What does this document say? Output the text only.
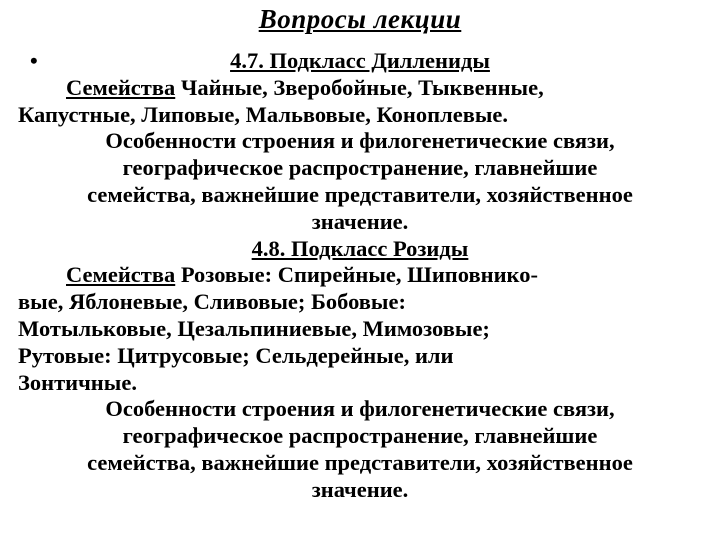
Вопросы лекции
•	4.7. Подкласс Диллениды
Семейства Чайные, Зверобойные, Тыквенные,
Капустные, Липовые, Мальвовые, Коноплевые.
Особенности строения и филогенетические связи,
географическое распространение, главнейшие
семейства, важнейшие представители, хозяйственное
значение.
4.8. Подкласс Розиды
Семейства Розовые: Спирейные, Шиповнико-
вые, Яблоневые, Сливовые; Бобовые:
Мотыльковые, Цезальпиниевые, Мимозовые;
Рутовые: Цитрусовые; Сельдерейные, или
Зонтичные.
Особенности строения и филогенетические связи,
географическое распространение, главнейшие
семейства, важнейшие представители, хозяйственное
значение.
